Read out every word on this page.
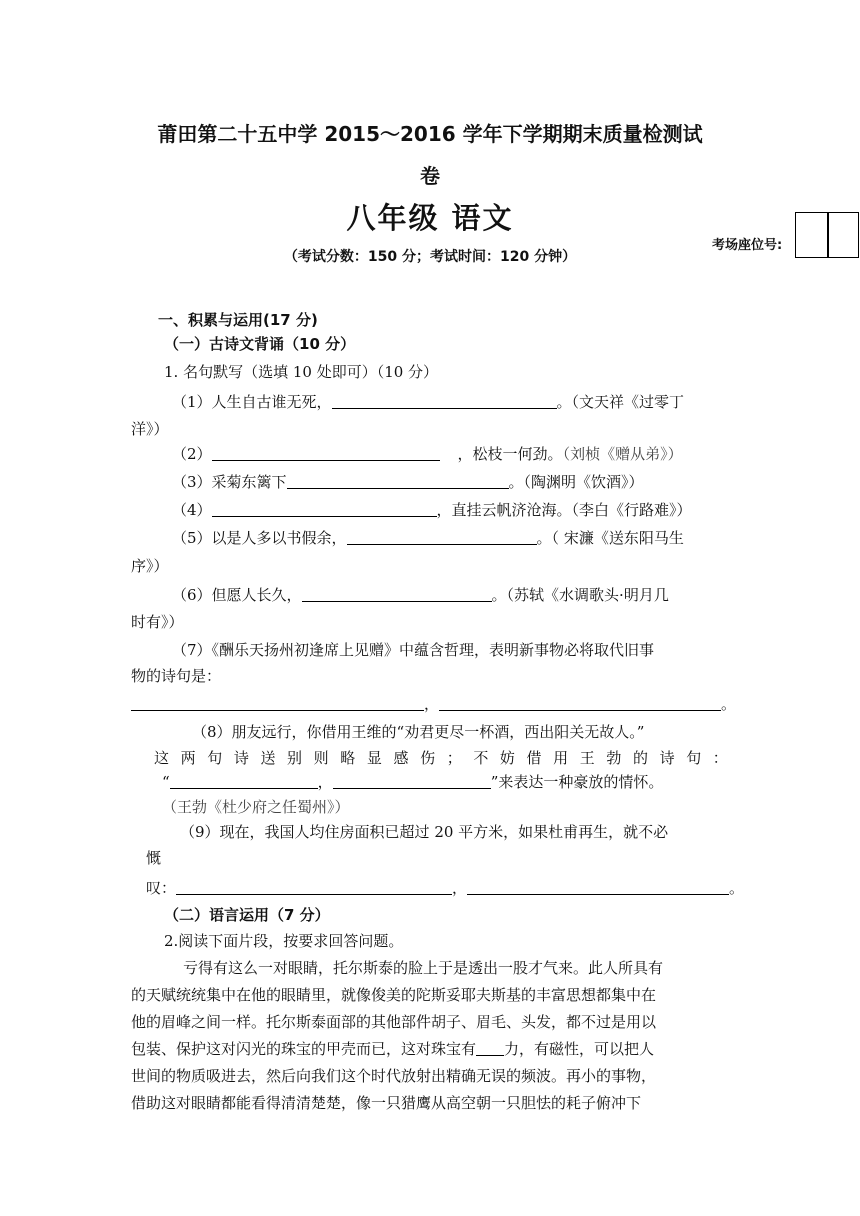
莆田第二十五中学 2015～2016 学年下学期期末质量检测试
卷
八年级 语文
（考试分数：150 分；考试时间：120 分钟）
考场座位号:
一、积累与运用(17 分)
（一）古诗文背诵（10 分）
1. 名句默写（选填 10 处即可）（10 分）
（1）人生自古谁无死，	。（文天祥《过零丁
洋》）
（2）	，松枝一何劲。（刘桢《赠从弟》）
（3）采菊东篱下	。（陶渊明《饮酒》）
（4）	，直挂云帆济沧海。（李白《行路难》）
（5）以是人多以书假余，	。（ 宋濂《送东阳马生
序》）
（6）但愿人长久，	。（苏轼《水调歌头·明月几
时有》）
（7）《酬乐天扬州初逢席上见赠》中蕴含哲理，表明新事物必将取代旧事
物的诗句是：
，	。
（8）朋友远行，你借用王维的“劝君更尽一杯酒，西出阳关无故人。”
这 两 句 诗 送 别 则 略 显 感 伤 ； 不 妨 借 用 王 勃 的 诗 句 ：
“	，	”来表达一种豪放的情怀。
（王勃《杜少府之任蜀州》）
（9）现在，我国人均住房面积已超过 20 平方米，如果杜甫再生，就不必
慨
叹：	，	。
（二）语言运用（7 分）
2.阅读下面片段，按要求回答问题。
亏得有这么一对眼睛，托尔斯泰的脸上于是透出一股才气来。此人所具有
的天赋统统集中在他的眼睛里，就像俊美的陀斯妥耶夫斯基的丰富思想都集中在
他的眉峰之间一样。托尔斯泰面部的其他部件胡子、眉毛、头发，都不过是用以
包装、保护这对闪光的珠宝的甲壳而已，这对珠宝有 力，有磁性，可以把人
世间的物质吸进去，然后向我们这个时代放射出精确无误的频波。再小的事物，
借助这对眼睛都能看得清清楚楚，像一只猎鹰从高空朝一只胆怯的耗子俯冲下
